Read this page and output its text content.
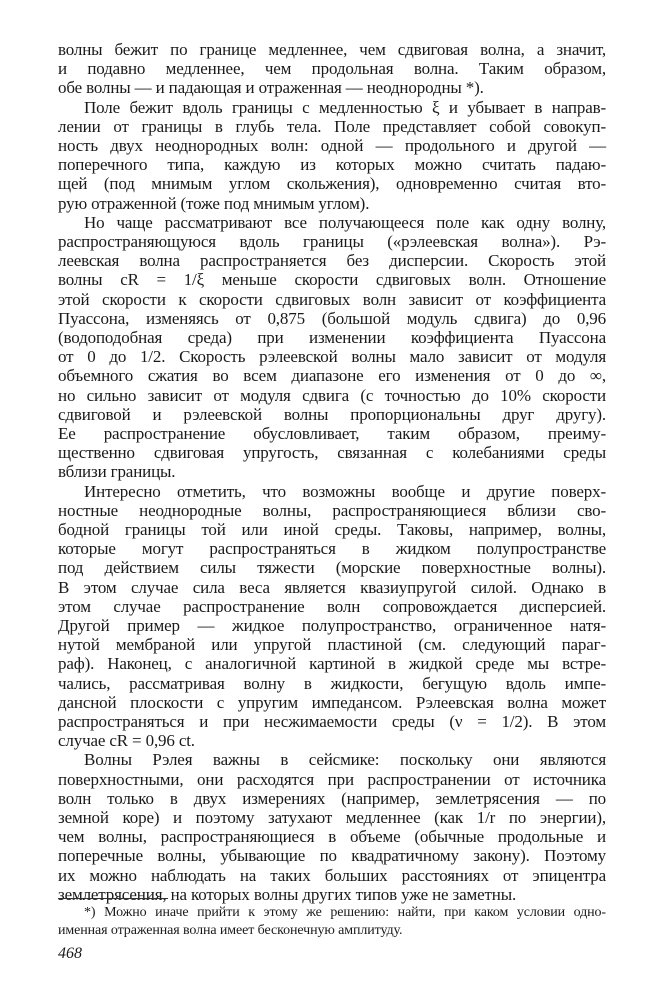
волны бежит по границе медленнее, чем сдвиговая волна, а значит,
и подавно медленнее, чем продольная волна. Таким образом,
обе волны — и падающая и отраженная — неоднородны *).
Поле бежит вдоль границы с медленностью ξ и убывает в направ-
лении от границы в глубь тела. Поле представляет собой совокуп-
ность двух неоднородных волн: одной — продольного и другой —
поперечного типа, каждую из которых можно считать падаю-
щей (под мнимым углом скольжения), одновременно считая вто-
рую отраженной (тоже под мнимым углом).
Но чаще рассматривают все получающееся поле как одну волну,
распространяющуюся вдоль границы («рэлеевская волна»). Рэ-
леевская волна распространяется без дисперсии. Скорость этой
волны cR = 1/ξ меньше скорости сдвиговых волн. Отношение
этой скорости к скорости сдвиговых волн зависит от коэффициента
Пуассона, изменяясь от 0,875 (большой модуль сдвига) до 0,96
(водоподобная среда) при изменении коэффициента Пуассона
от 0 до 1/2. Скорость рэлеевской волны мало зависит от модуля
объемного сжатия во всем диапазоне его изменения от 0 до ∞,
но сильно зависит от модуля сдвига (с точностью до 10% скорости
сдвиговой и рэлеевской волны пропорциональны друг другу).
Ее распространение обусловливает, таким образом, преиму-
щественно сдвиговая упругость, связанная с колебаниями среды
вблизи границы.
Интересно отметить, что возможны вообще и другие поверх-
ностные неоднородные волны, распространяющиеся вблизи сво-
бодной границы той или иной среды. Таковы, например, волны,
которые могут распространяться в жидком полупространстве
под действием силы тяжести (морские поверхностные волны).
В этом случае сила веса является квазиупругой силой. Однако в
этом случае распространение волн сопровождается дисперсией.
Другой пример — жидкое полупространство, ограниченное натя-
нутой мембраной или упругой пластиной (см. следующий параг-
раф). Наконец, с аналогичной картиной в жидкой среде мы встре-
чались, рассматривая волну в жидкости, бегущую вдоль импе-
дансной плоскости с упругим импедансом. Рэлеевская волна может
распространяться и при несжимаемости среды (ν = 1/2). В этом
случае cR = 0,96 ct.
Волны Рэлея важны в сейсмике: поскольку они являются
поверхностными, они расходятся при распространении от источника
волн только в двух измерениях (например, землетрясения — по
земной коре) и поэтому затухают медленнее (как 1/r по энергии),
чем волны, распространяющиеся в объеме (обычные продольные и
поперечные волны, убывающие по квадратичному закону). Поэтому
их можно наблюдать на таких больших расстояниях от эпицентра
землетрясения, на которых волны других типов уже не заметны.
*) Можно иначе прийти к этому же решению: найти, при каком условии одно-
именная отраженная волна имеет бесконечную амплитуду.
468
